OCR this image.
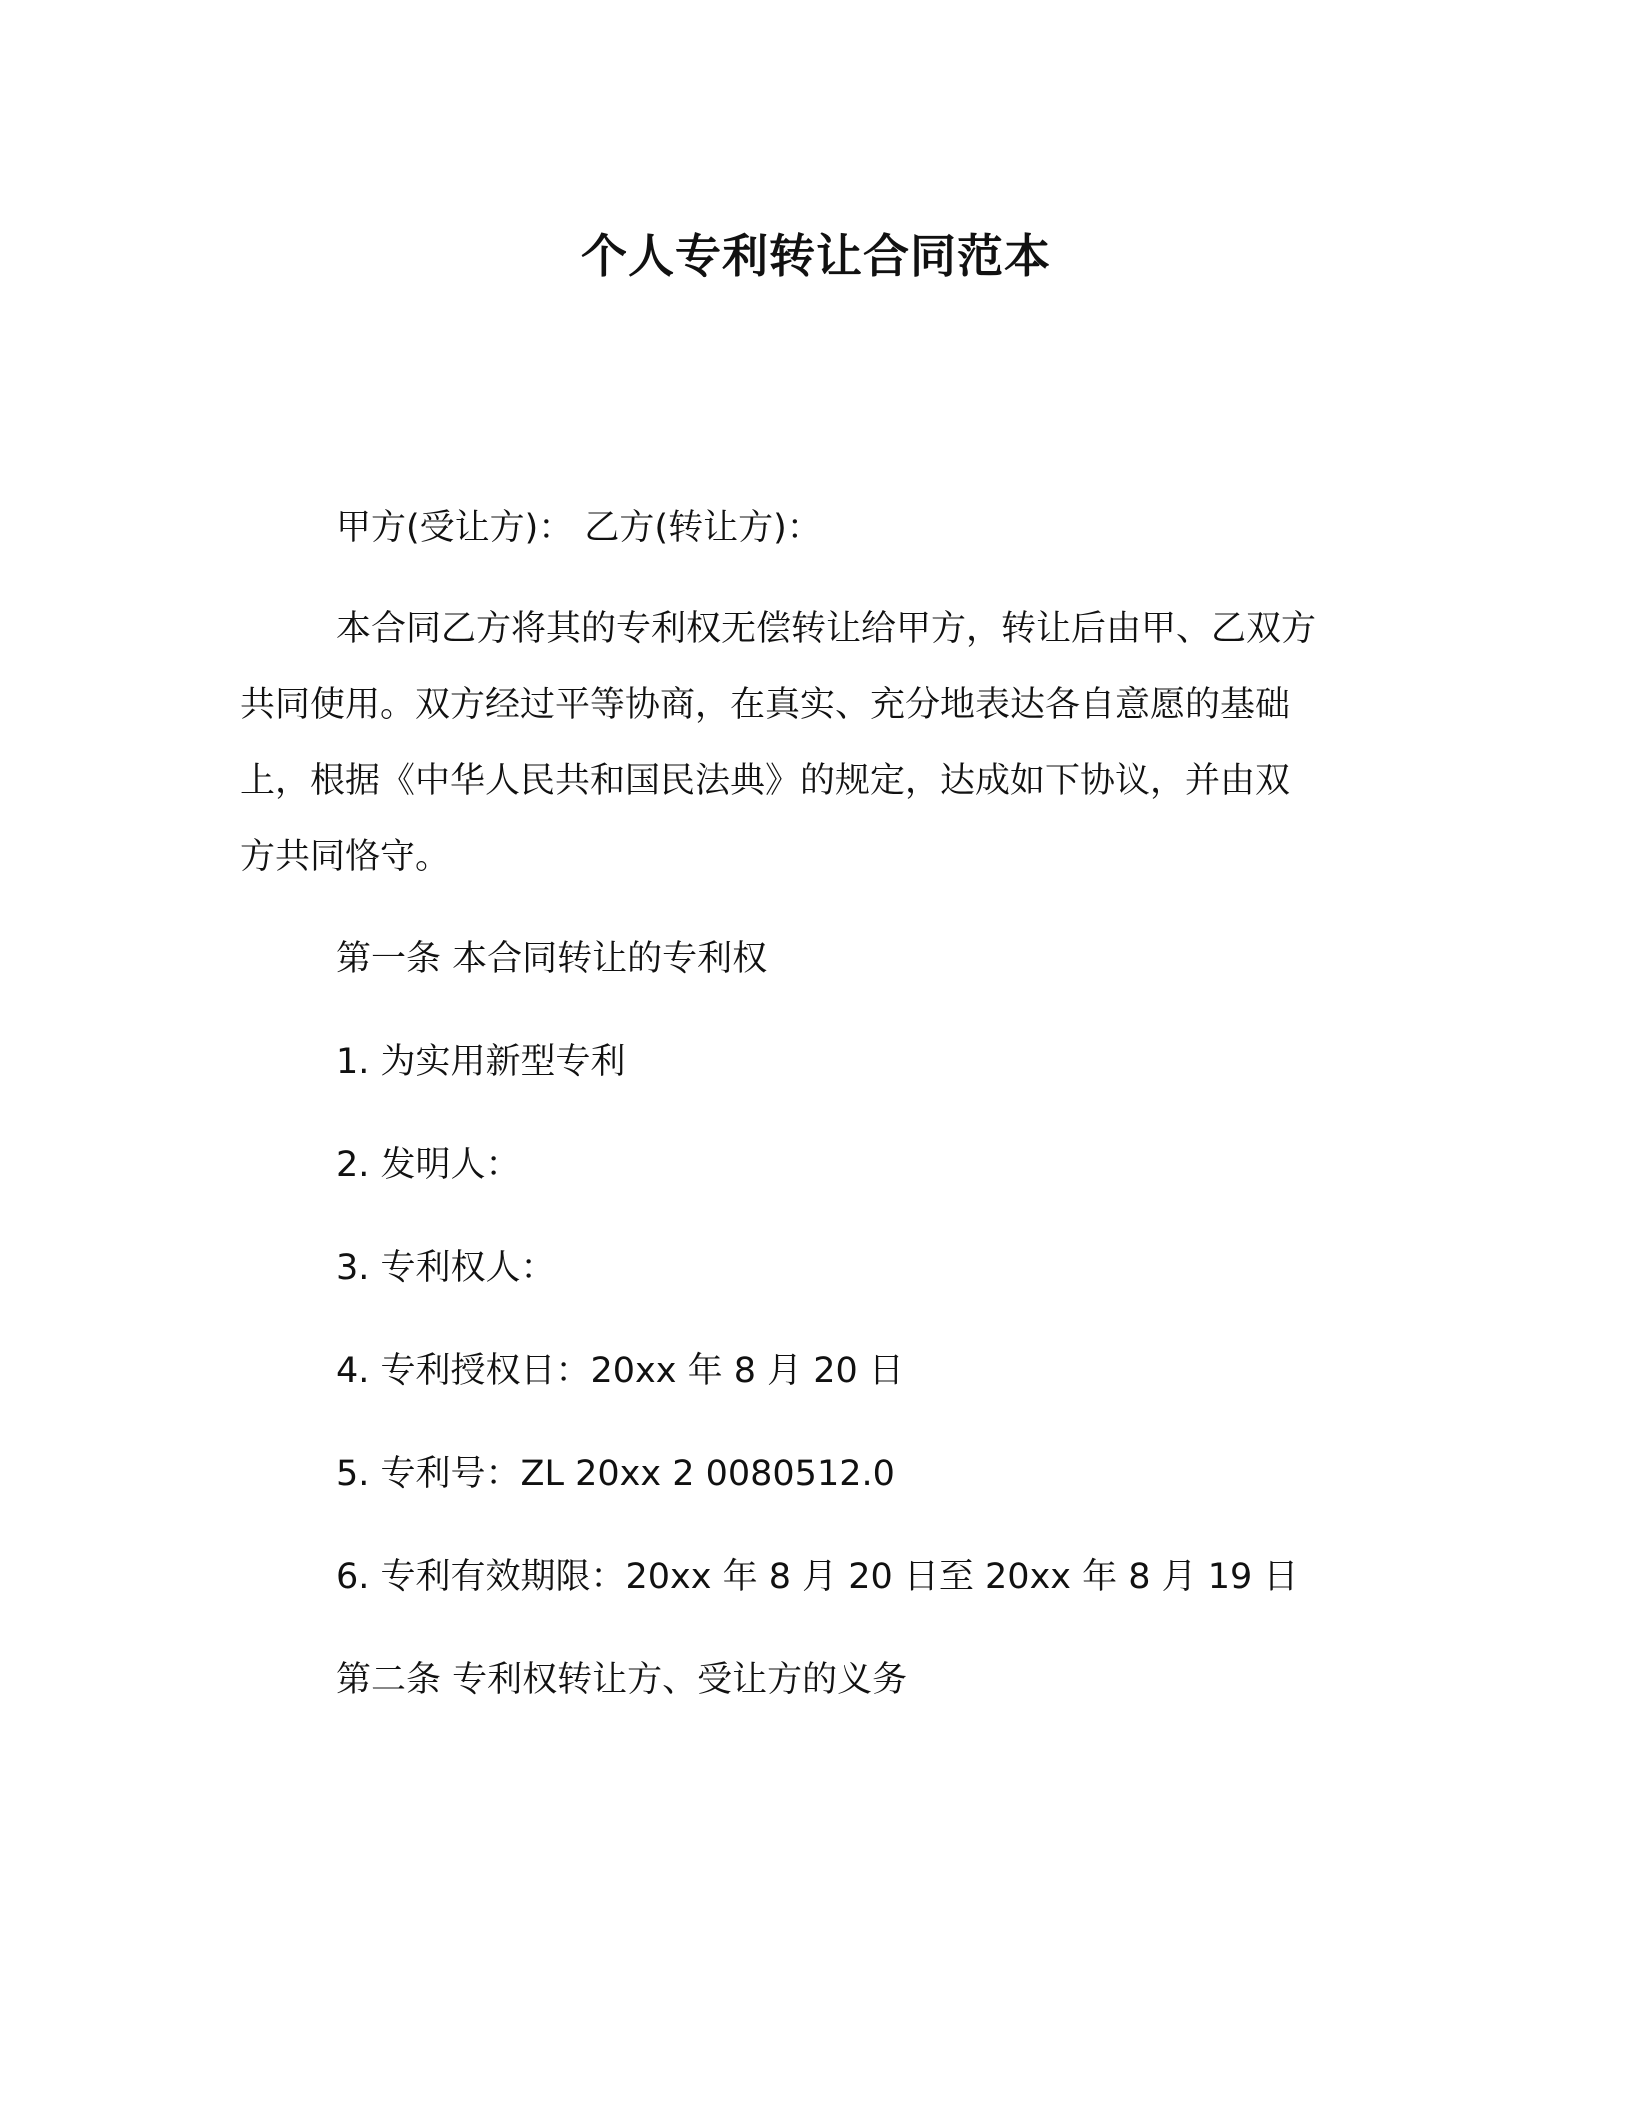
个人专利转让合同范本
甲方(受让方)： 乙方(转让方)：
本合同乙方将其的专利权无偿转让给甲方，转让后由甲、乙双方
共同使用。双方经过平等协商，在真实、充分地表达各自意愿的基础
上，根据《中华人民共和国民法典》的规定，达成如下协议，并由双
方共同恪守。
第一条 本合同转让的专利权
1. 为实用新型专利
2. 发明人：
3. 专利权人：
4. 专利授权日：20xx 年 8 月 20 日
5. 专利号：ZL 20xx 2 0080512.0
6. 专利有效期限：20xx 年 8 月 20 日至 20xx 年 8 月 19 日
第二条 专利权转让方、受让方的义务
